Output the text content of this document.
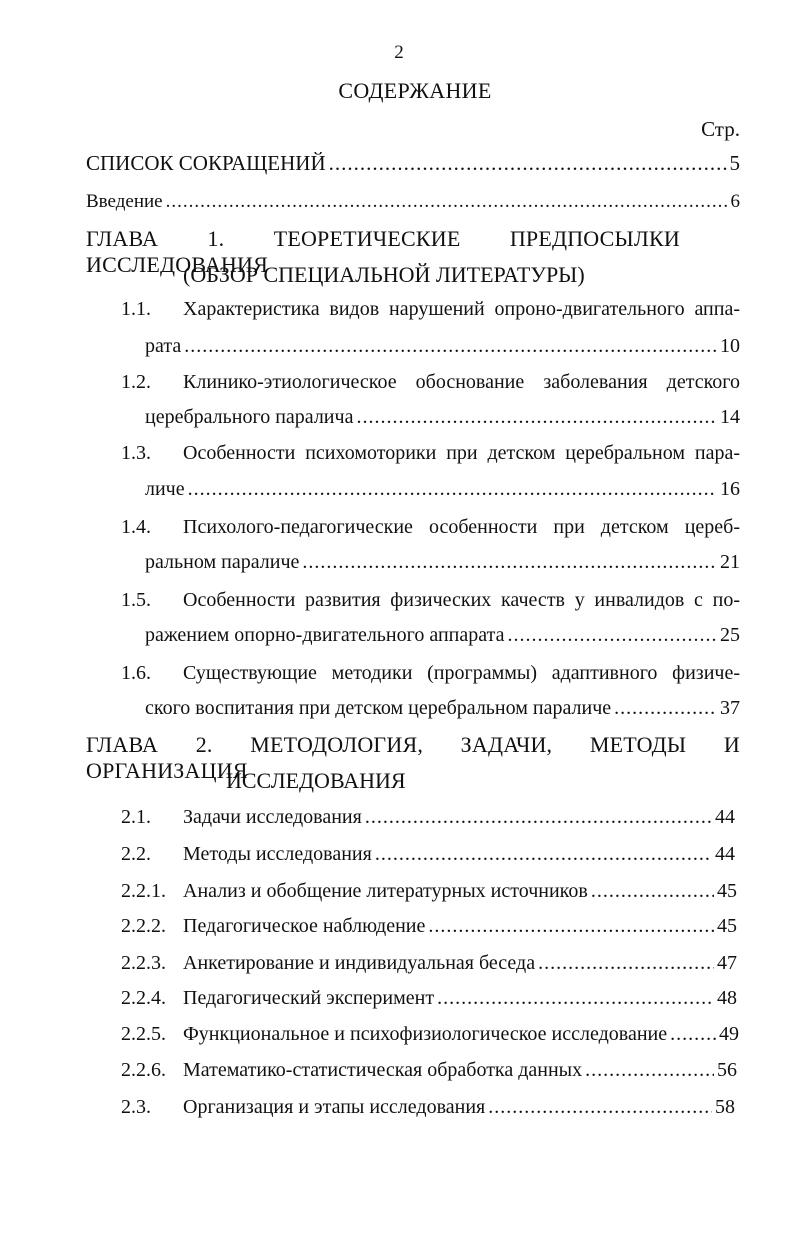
2
СОДЕРЖАНИЕ
Стр.
СПИСОК СОКРАЩЕНИЙ .....	5
Введение .....	6
ГЛАВА 1. ТЕОРЕТИЧЕСКИЕ ПРЕДПОСЫЛКИ ИССЛЕДОВАНИЯ
(ОБЗОР СПЕЦИАЛЬНОЙ ЛИТЕРАТУРЫ)
1.1. Характеристика видов нарушений опроно-двигательного аппа-
рата .....	10
1.2. Клинико-этиологическое обоснование заболевания детского
церебрального паралича .....	14
1.3. Особенности психомоторики при детском церебральном пара-
личе .....	16
1.4. Психолого-педагогические особенности при детском цереб-
ральном параличе .....	21
1.5. Особенности развития физических качеств у инвалидов с по-
ражением опорно-двигательного аппарата .....	25
1.6. Существующие методики (программы) адаптивного физиче-
ского воспитания при детском церебральном параличе .....	37
ГЛАВА 2. МЕТОДОЛОГИЯ, ЗАДАЧИ, МЕТОДЫ И ОРГАНИЗАЦИЯ
ИССЛЕДОВАНИЯ
2.1. Задачи исследования .....	44
2.2. Методы исследования .....	44
2.2.1. Анализ и обобщение литературных источников .....	45
2.2.2. Педагогическое наблюдение .....	45
2.2.3. Анкетирование и индивидуальная беседа .....	47
2.2.4. Педагогический эксперимент .....	48
2.2.5. Функциональное и психофизиологическое исследование .....	49
2.2.6. Математико-статистическая обработка данных .....	56
2.3. Организация и этапы исследования .....	58
